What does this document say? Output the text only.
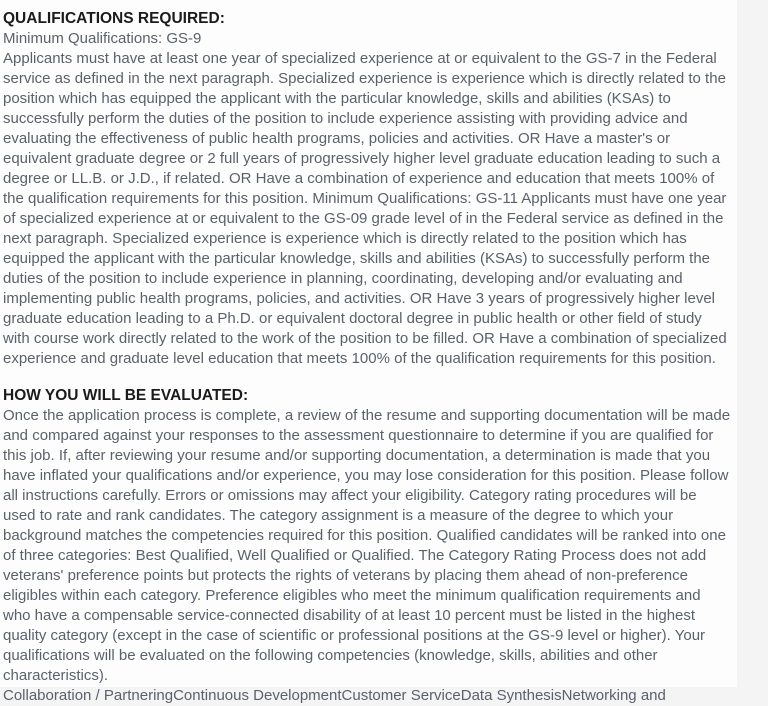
QUALIFICATIONS REQUIRED:

Minimum Qualifications: GS-9

Applicants must have at least one year of specialized experience at or equivalent to the GS-7 in the Federal service as defined in the next paragraph. Specialized experience is experience which is directly related to the position which has equipped the applicant with the particular knowledge, skills and abilities (KSAs) to successfully perform the duties of the position to include experience assisting with providing advice and evaluating the effectiveness of public health programs, policies and activities. OR Have a master's or equivalent graduate degree or 2 full years of progressively higher level graduate education leading to such a degree or LL.B. or J.D., if related. OR Have a combination of experience and education that meets 100% of the qualification requirements for this position. Minimum Qualifications: GS-11 Applicants must have one year of specialized experience at or equivalent to the GS-09 grade level of in the Federal service as defined in the next paragraph. Specialized experience is experience which is directly related to the position which has equipped the applicant with the particular knowledge, skills and abilities (KSAs) to successfully perform the duties of the position to include experience in planning, coordinating, developing and/or evaluating and implementing public health programs, policies, and activities. OR Have 3 years of progressively higher level graduate education leading to a Ph.D. or equivalent doctoral degree in public health or other field of study with course work directly related to the work of the position to be filled. OR Have a combination of specialized experience and graduate level education that meets 100% of the qualification requirements for this position.

HOW YOU WILL BE EVALUATED:

Once the application process is complete, a review of the resume and supporting documentation will be made and compared against your responses to the assessment questionnaire to determine if you are qualified for this job. If, after reviewing your resume and/or supporting documentation, a determination is made that you have inflated your qualifications and/or experience, you may lose consideration for this position. Please follow all instructions carefully. Errors or omissions may affect your eligibility. Category rating procedures will be used to rate and rank candidates. The category assignment is a measure of the degree to which your background matches the competencies required for this position. Qualified candidates will be ranked into one of three categories: Best Qualified, Well Qualified or Qualified. The Category Rating Process does not add veterans' preference points but protects the rights of veterans by placing them ahead of non-preference eligibles within each category. Preference eligibles who meet the minimum qualification requirements and who have a compensable service-connected disability of at least 10 percent must be listed in the highest quality category (except in the case of scientific or professional positions at the GS-9 level or higher). Your qualifications will be evaluated on the following competencies (knowledge, skills, abilities and other characteristics).

Collaboration / PartneringContinuous DevelopmentCustomer ServiceData SynthesisNetworking and
